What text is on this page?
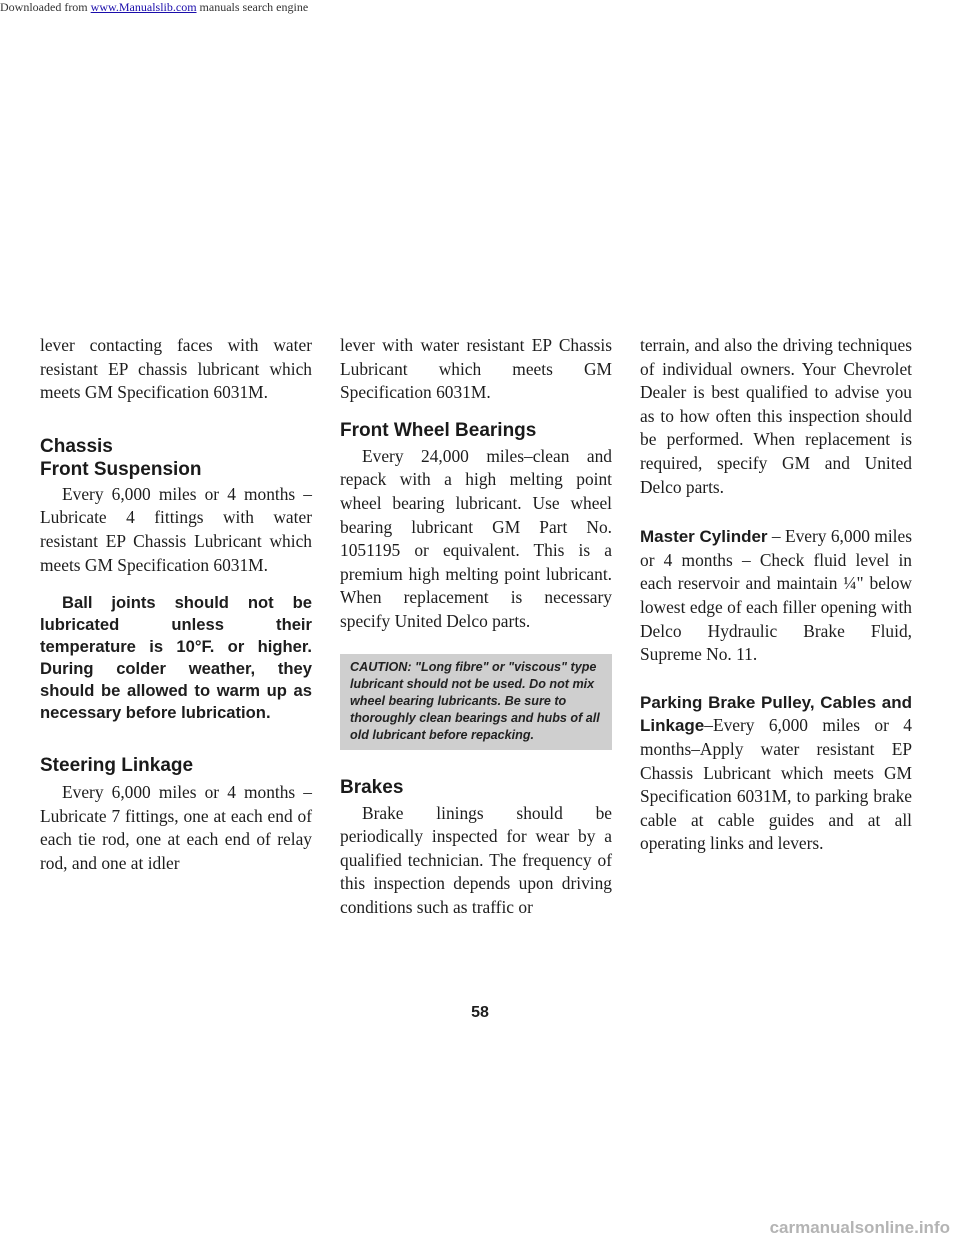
Downloaded from www.Manualslib.com manuals search engine

lever contacting faces with water resistant EP chassis lubricant which meets GM Specification 6031M.

Chassis
Front Suspension

Every 6,000 miles or 4 months –Lubricate 4 fittings with water resistant EP Chassis Lubricant which meets GM Specification 6031M.

Ball joints should not be lubricated unless their temperature is 10°F. or higher. During colder weather, they should be allowed to warm up as necessary before lubrication.

Steering Linkage

Every 6,000 miles or 4 months –Lubricate 7 fittings, one at each end of each tie rod, one at each end of relay rod, and one at idler

lever with water resistant EP Chassis Lubricant which meets GM Specification 6031M.

Front Wheel Bearings

Every 24,000 miles–clean and repack with a high melting point wheel bearing lubricant. Use wheel bearing lubricant GM Part No. 1051195 or equivalent. This is a premium high melting point lubricant. When replacement is necessary specify United Delco parts.

CAUTION: "Long fibre" or "viscous" type lubricant should not be used. Do not mix wheel bearing lubricants. Be sure to thoroughly clean bearings and hubs of all old lubricant before repacking.
Brakes

Brake linings should be periodically inspected for wear by a qualified technician. The frequency of this inspection depends upon driving conditions such as traffic or

terrain, and also the driving techniques of individual owners. Your Chevrolet Dealer is best qualified to advise you as to how often this inspection should be performed. When replacement is required, specify GM and United Delco parts.

Master Cylinder – Every 6,000 miles or 4 months – Check fluid level in each reservoir and maintain ¼" below lowest edge of each filler opening with Delco Hydraulic Brake Fluid, Supreme No. 11.

Parking Brake Pulley, Cables and Linkage–Every 6,000 miles or 4 months–Apply water resistant EP Chassis Lubricant which meets GM Specification 6031M, to parking brake cable at cable guides and at all operating links and levers.

58
carmanualsonline.info
